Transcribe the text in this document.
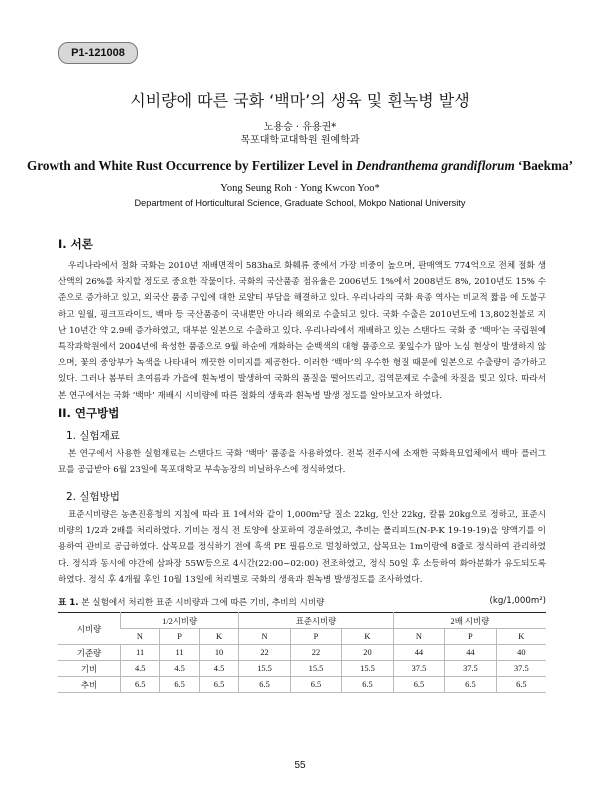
P1-121008
시비량에 따른 국화 ‘백마’의 생육 및 흰녹병 발생
노용승 · 유용권*
목포대학교대학원 원예학과
Growth and White Rust Occurrence by Fertilizer Level in Dendranthema grandiflorum ‘Baekma’
Yong Seung Roh · Yong Kwcon Yoo*
Department of Horticultural Science, Graduate School, Mokpo National University
I. 서론

우리나라에서 절화 국화는 2010년 재배면적이 583ha로 화훼류 중에서 가장 비중이 높으며, 판매액도 774억으로 전체 절화 생산액의 26%를 차지할 정도로 중요한 작물이다. 국화의 국산품종 점유율은 2006년도 1%에서 2008년도 8%, 2010년도 15% 수준으로 증가하고 있고, 외국산 품종 구입에 대한 로얄티 부담을 해결하고 있다. 우리나라의 국화 육종 역사는 비교적 짧음 에 도불구하고 일월, 핑크프라이드, 백마 등 국산품종이 국내뿐만 아니라 해외로 수출되고 있다. 국화 수출은 2010년도에 13,802천불로 지난 10년간 약 2.9배 증가하였고, 대부분 일본으로 수출하고 있다. 우리나라에서 재배하고 있는 스탠다드 국화 중 ‘백마’는 국립원예특작과학원에서 2004년에 육성한 품종으로 9월 하순에 개화하는 순백색의 대형 품종으로 꽃잎수가 많아 노심 현상이 발생하지 않으며, 꽃의 중앙부가 녹색을 나타내어 깨끗한 이미지를 제공한다. 이러한 ‘백마’의 우수한 형질 때문에 일본으로 수출량이 증가하고 있다. 그러나 봄부터 초여름과 가을에 흰녹병이 발생하여 국화의 품질을 떨어뜨리고, 검역문제로 수출에 차질을 빚고 있다. 따라서 본 연구에서는 국화 ‘백마’ 재배시 시비량에 따른 절화의 생육과 흰녹병 발생 정도를 알아보고자 하였다.

II. 연구방법
1. 실험재료

본 연구에서 사용한 실험재료는 스탠다드 국화 ‘백마’ 품종을 사용하였다. 전북 전주시에 소재한 국화육묘업체에서 백마 플러그묘를 공급받아 6월 23일에 목포대학교 부속농장의 비닐하우스에 정식하였다.

2. 실험방법

표준시비량은 농촌진흥청의 지침에 따라 표 1에서와 같이 1,000m²당 질소 22kg, 인산 22kg, 칼륨 20kg으로 정하고, 표준시비량의 1/2과 2배를 처리하였다. 기비는 정식 전 토양에 살포하여 경운하였고, 추비는 폴리피드(N-P-K 19-19-19)을 양액기를 이용하여 관비로 공급하였다. 삽목묘를 정식하기 전에 흑색 PE 필름으로 멀칭하였고, 삽목묘는 1m이랑에 8줄로 정식하여 관리하였다. 정식과 동시에 야간에 삼파장 55W등으로 4시간(22:00~02:00) 전조하였고, 정식 50일 후 소등하여 화아분화가 유도되도록 하였다. 정식 후 4개월 후인 10월 13일에 처리별로 국화의 생육과 흰녹병 발생정도를 조사하였다.

표 1. 본 실험에서 처리한 표준 시비량과 그에 따른 기비, 추비의 시비량	(kg/1,000m²)
시비량	1/2시비량			표준시비량			2배 시비량		
	N	P	K	N	P	K	N	P	K
기준량	11	11	10	22	22	20	44	44	40
기비	4.5	4.5	4.5	15.5	15.5	15.5	37.5	37.5	37.5
추비	6.5	6.5	6.5	6.5	6.5	6.5	6.5	6.5	6.5
55
